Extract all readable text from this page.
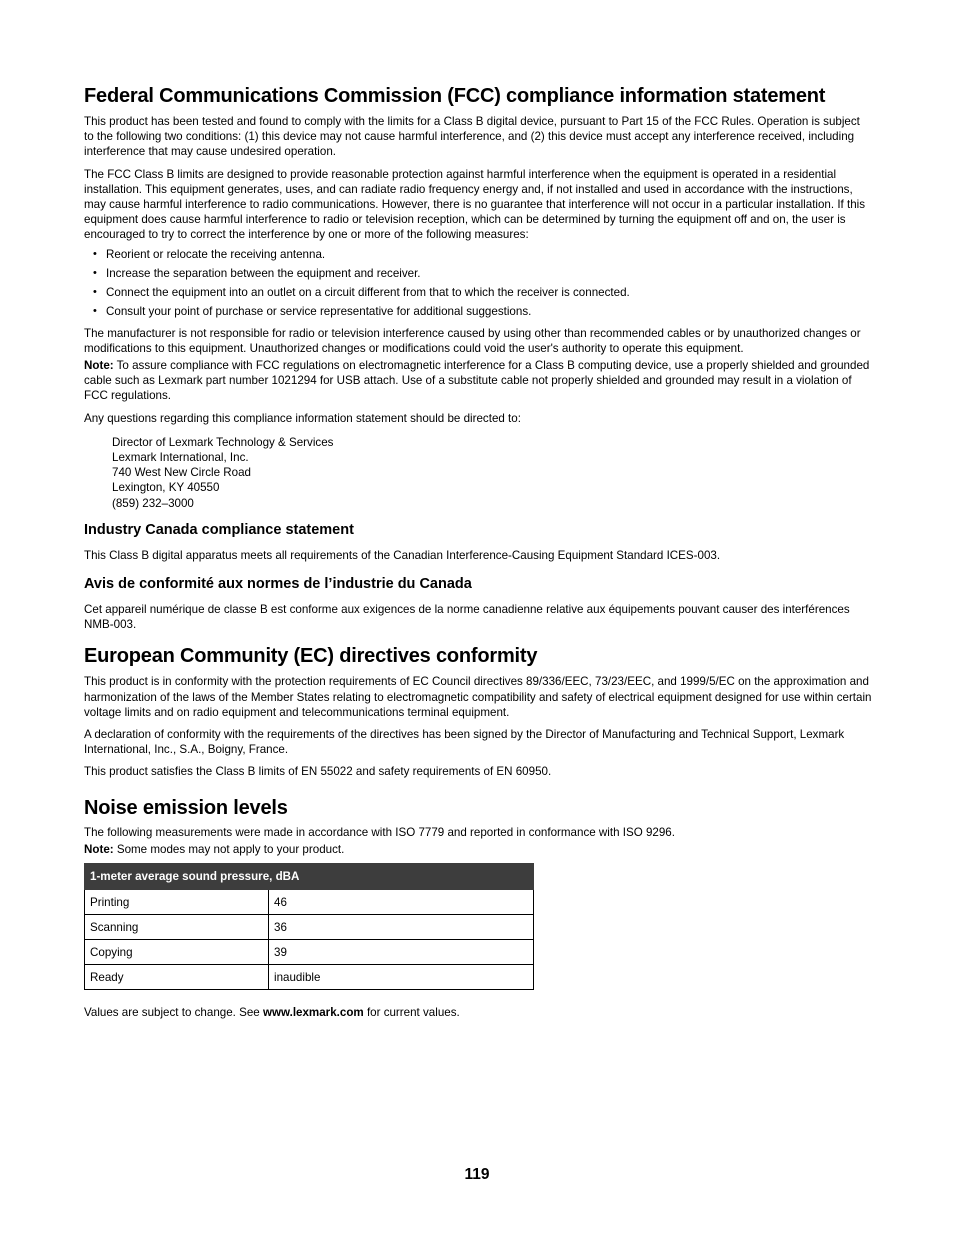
Federal Communications Commission (FCC) compliance information statement

This product has been tested and found to comply with the limits for a Class B digital device, pursuant to Part 15 of the FCC Rules. Operation is subject to the following two conditions: (1) this device may not cause harmful interference, and (2) this device must accept any interference received, including interference that may cause undesired operation.

The FCC Class B limits are designed to provide reasonable protection against harmful interference when the equipment is operated in a residential installation. This equipment generates, uses, and can radiate radio frequency energy and, if not installed and used in accordance with the instructions, may cause harmful interference to radio communications. However, there is no guarantee that interference will not occur in a particular installation. If this equipment does cause harmful interference to radio or television reception, which can be determined by turning the equipment off and on, the user is encouraged to try to correct the interference by one or more of the following measures:

• Reorient or relocate the receiving antenna.
• Increase the separation between the equipment and receiver.
• Connect the equipment into an outlet on a circuit different from that to which the receiver is connected.
• Consult your point of purchase or service representative for additional suggestions.

The manufacturer is not responsible for radio or television interference caused by using other than recommended cables or by unauthorized changes or modifications to this equipment. Unauthorized changes or modifications could void the user's authority to operate this equipment.

Note: To assure compliance with FCC regulations on electromagnetic interference for a Class B computing device, use a properly shielded and grounded cable such as Lexmark part number 1021294 for USB attach. Use of a substitute cable not properly shielded and grounded may result in a violation of FCC regulations.

Any questions regarding this compliance information statement should be directed to:

Director of Lexmark Technology & Services
Lexmark International, Inc.
740 West New Circle Road
Lexington, KY 40550
(859) 232–3000
Industry Canada compliance statement

This Class B digital apparatus meets all requirements of the Canadian Interference-Causing Equipment Standard ICES-003.

Avis de conformité aux normes de l’industrie du Canada

Cet appareil numérique de classe B est conforme aux exigences de la norme canadienne relative aux équipements pouvant causer des interférences NMB-003.

European Community (EC) directives conformity

This product is in conformity with the protection requirements of EC Council directives 89/336/EEC, 73/23/EEC, and 1999/5/EC on the approximation and harmonization of the laws of the Member States relating to electromagnetic compatibility and safety of electrical equipment designed for use within certain voltage limits and on radio equipment and telecommunications terminal equipment.

A declaration of conformity with the requirements of the directives has been signed by the Director of Manufacturing and Technical Support, Lexmark International, Inc., S.A., Boigny, France.

This product satisfies the Class B limits of EN 55022 and safety requirements of EN 60950.

Noise emission levels

The following measurements were made in accordance with ISO 7779 and reported in conformance with ISO 9296.

Note: Some modes may not apply to your product.

1-meter average sound pressure, dBA	
Printing	46
Scanning	36
Copying	39
Ready	inaudible

Values are subject to change. See www.lexmark.com for current values.

119
